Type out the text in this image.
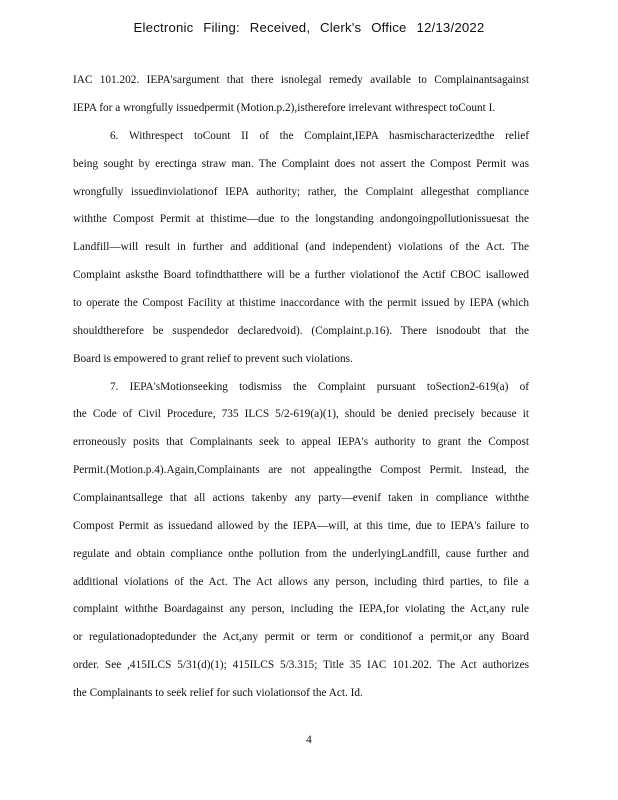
Electronic Filing: Received, Clerk's Office 12/13/2022
IAC 101.202. IEPA'sargument that there isnolegal remedy available to Complainantsagainst
IEPA for a wrongfully issuedpermit (Motion.p.2),istherefore irrelevant withrespect toCount I.
6. Withrespect toCount II of the Complaint,IEPA hasmischaracterizedthe relief
being sought by erectinga straw man. The Complaint does not assert the Compost Permit was
wrongfully issuedinviolationof IEPA authority; rather, the Complaint allegesthat compliance
withthe Compost Permit at thistime—due to the longstanding andongoingpollutionissuesat the
Landfill—will result in further and additional (and independent) violations of the Act. The
Complaint asksthe Board tofindthatthere will be a further violationof the Actif CBOC isallowed
to operate the Compost Facility at thistime inaccordance with the permit issued by IEPA (which
shouldtherefore be suspendedor declaredvoid). (Complaint.p.16). There isnodoubt that the
Board is empowered to grant relief to prevent such violations.
7. IEPA'sMotionseeking todismiss the Complaint pursuant toSection2-619(a) of
the Code of Civil Procedure, 735 ILCS 5/2-619(a)(1), should be denied precisely because it
erroneously posits that Complainants seek to appeal IEPA's authority to grant the Compost
Permit.(Motion.p.4).Again,Complainants are not appealingthe Compost Permit. Instead, the
Complainantsallege that all actions takenby any party—evenif taken in compliance withthe
Compost Permit as issuedand allowed by the IEPA—will, at this time, due to IEPA's failure to
regulate and obtain compliance onthe pollution from the underlyingLandfill, cause further and
additional violations of the Act. The Act allows any person, including third parties, to file a
complaint withthe Boardagainst any person, including the IEPA,for violating the Act,any rule
or regulationadoptedunder the Act,any permit or term or conditionof a permit,or any Board
order. See ,415ILCS 5/31(d)(1); 415ILCS 5/3.315; Title 35 IAC 101.202. The Act authorizes
the Complainants to seek relief for such violationsof the Act. Id.
4
